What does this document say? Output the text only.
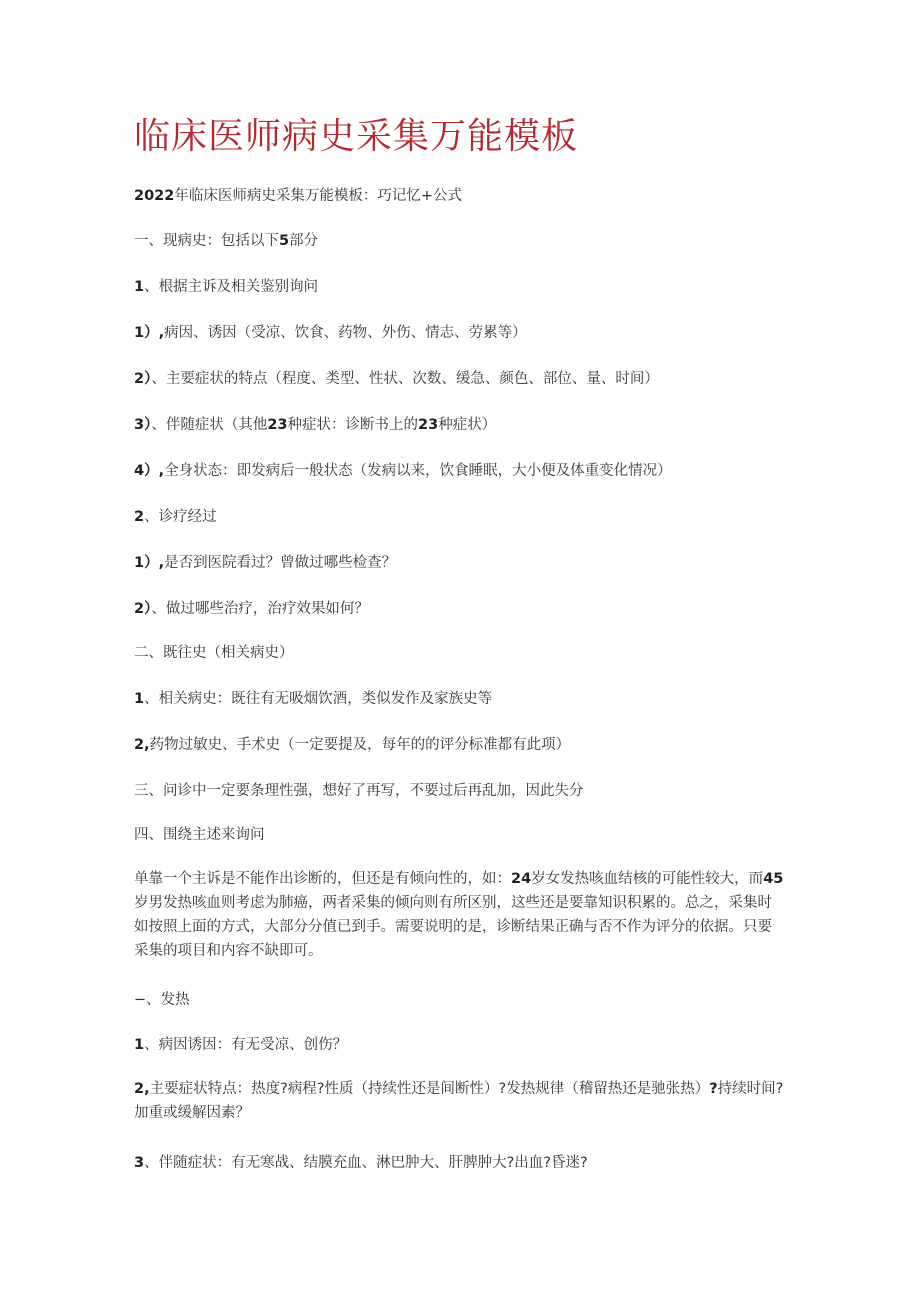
临床医师病史采集万能模板

2022年临床医师病史采集万能模板：巧记忆+公式

一、现病史：包括以下5部分

1、根据主诉及相关鉴别询问

1）,病因、诱因（受凉、饮食、药物、外伤、情志、劳累等）

2）、主要症状的特点（程度、类型、性状、次数、缓急、颜色、部位、量、时间）

3）、伴随症状（其他23种症状：诊断书上的23种症状）

4）,全身状态：即发病后一般状态（发病以来，饮食睡眠，大小便及体重变化情况）

2、诊疗经过

1）,是否到医院看过？曾做过哪些检查？

2）、做过哪些治疗，治疗效果如何？

二、既往史（相关病史）

1、相关病史：既往有无吸烟饮酒，类似发作及家族史等

2,药物过敏史、手术史（一定要提及，每年的的评分标准都有此项）

三、问诊中一定要条理性强，想好了再写，不要过后再乱加，因此失分

四、围绕主述来询问

单靠一个主诉是不能作出诊断的，但还是有倾向性的，如：24岁女发热咳血结核的可能性较大，而45岁男发热咳血则考虑为肺癌，两者采集的倾向则有所区别，这些还是要靠知识积累的。总之，采集时如按照上面的方式，大部分分值已到手。需要说明的是，诊断结果正确与否不作为评分的依据。只要采集的项目和内容不缺即可。

−、发热

1、病因诱因：有无受凉、创伤？

2,主要症状特点：热度?病程?性质（持续性还是间断性）?发热规律（稽留热还是驰张热）?持续时间?加重或缓解因素？

3、伴随症状：有无寒战、结膜充血、淋巴肿大、肝脾肿大?出血?昏迷?
